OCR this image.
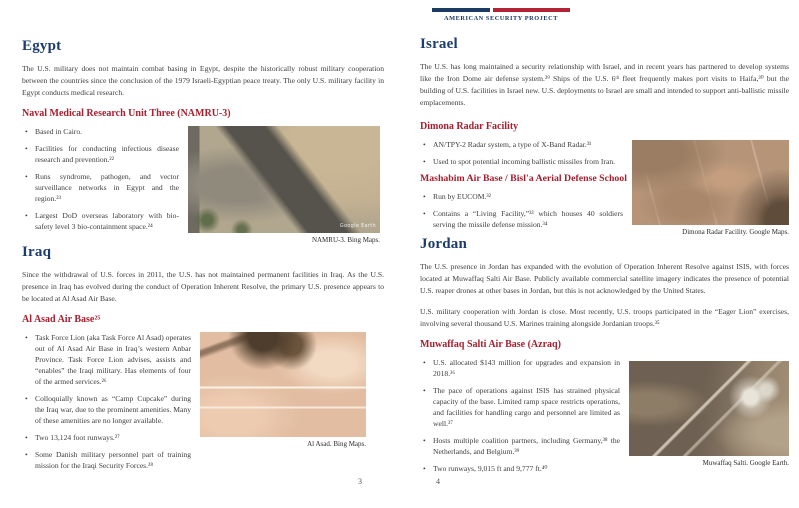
Egypt

The U.S. military does not maintain combat basing in Egypt, despite the historically robust military cooperation between the countries since the conclusion of the 1979 Israeli-Egyptian peace treaty. The only U.S. military facility in Egypt conducts medical research.

Naval Medical Research Unit Three (NAMRU-3)
• Based in Cairo.
• Facilities for conducting infectious disease research and prevention.²²
• Runs syndrome, pathogen, and vector surveillance networks in Egypt and the region.²³
• Largest DoD overseas laboratory with bio-safety level 3 bio-containment space.²⁴	Google Earth
NAMRU-3. Bing Maps.
Iraq

Since the withdrawal of U.S. forces in 2011, the U.S. has not maintained permanent facilities in Iraq. As the U.S. presence in Iraq has evolved during the conduct of Operation Inherent Resolve, the primary U.S. presence appears to be located at Al Asad Air Base.

Al Asad Air Base²⁵
• Task Force Lion (aka Task Force Al Asad) operates out of Al Asad Air Base in Iraq’s western Anbar Province. Task Force Lion advises, assists and “enables” the Iraqi military. Has elements of four of the armed services.²⁶
• Colloquially known as “Camp Cupcake” during the Iraq war, due to the prominent amenities. Many of these amenities are no longer available.
• Two 13,124 foot runways.²⁷
• Some Danish military personnel part of training mission for the Iraqi Security Forces.²⁸
Al Asad. Bing Maps.
3
AMERICAN SECURITY PROJECT
Israel

The U.S. has long maintained a security relationship with Israel, and in recent years has partnered to develop systems like the Iron Dome air defense system.²⁹ Ships of the U.S. 6ᵗʰ fleet frequently makes port visits to Haifa,³⁰ but the building of U.S. facilities in Israel new. U.S. deployments to Israel are small and intended to support anti-ballistic missile emplacements.

Dimona Radar Facility
• AN/TPY-2 Radar system, a type of X-Band Radar.³¹
• Used to spot potential incoming ballistic missiles from Iran.
Mashabim Air Base / Bisl'a Aerial Defense School
• Run by EUCOM.³²
• Contains a “Living Facility,”³³ which houses 40 soldiers serving the missile defense mission.³⁴
Dimona Radar Facility. Google Maps.
Jordan

The U.S. presence in Jordan has expanded with the evolution of Operation Inherent Resolve against ISIS, with forces located at Muwaffaq Salti Air Base. Publicly available commercial satellite imagery indicates the presence of potential U.S. reaper drones at other bases in Jordan, but this is not acknowledged by the United States.

U.S. military cooperation with Jordan is close. Most recently, U.S. troops participated in the “Eager Lion” exercises, involving several thousand U.S. Marines training alongside Jordanian troops.³⁵

Muwaffaq Salti Air Base (Azraq)
• U.S. allocated $143 million for upgrades and expansion in 2018.³⁶
• The pace of operations against ISIS has strained physical capacity of the base. Limited ramp space restricts operations, and facilities for handling cargo and personnel are limited as well.³⁷
• Hosts multiple coalition partners, including Germany,³⁸ the Netherlands, and Belgium.³⁹
• Two runways, 9,015 ft and 9,777 ft.⁴⁰
Muwaffaq Salti. Google Earth.
4
